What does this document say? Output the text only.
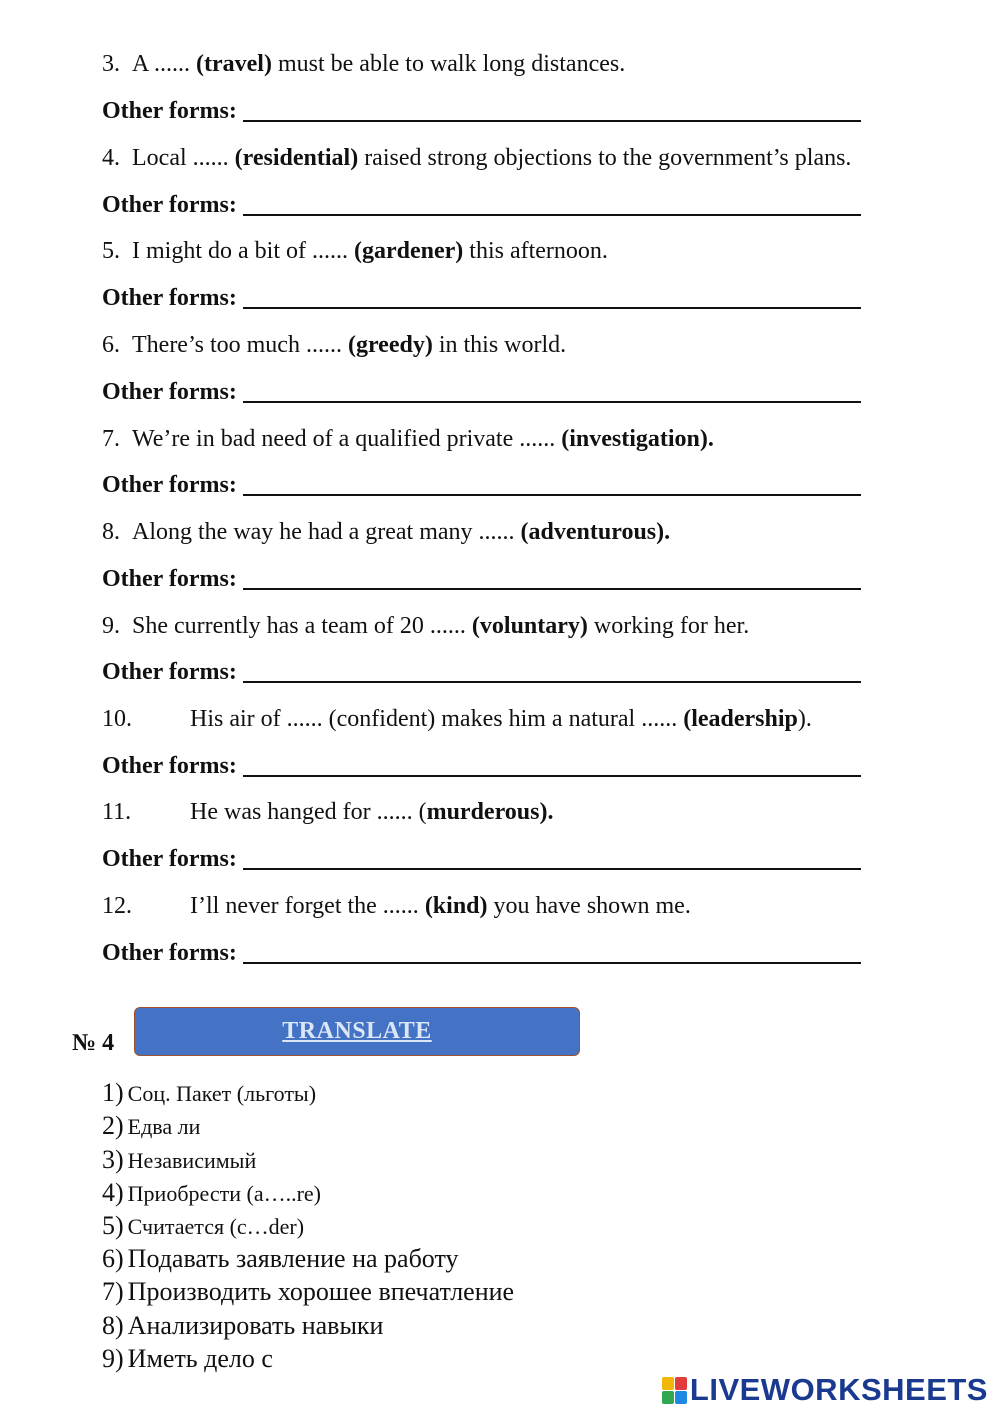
3. A ...... (travel) must be able to walk long distances.
Other forms:
4. Local ...... (residential) raised strong objections to the government’s plans.
Other forms:
5. I might do a bit of ...... (gardener) this afternoon.
Other forms:
6. There’s too much ...... (greedy) in this world.
Other forms:
7. We’re in bad need of a qualified private ...... (investigation).
Other forms:
8. Along the way he had a great many ...... (adventurous).
Other forms:
9. She currently has a team of 20 ...... (voluntary) working for her.
Other forms:
10. His air of ...... (confident) makes him a natural ...... (leadership).
Other forms:
11. He was hanged for ...... (murderous).
Other forms:
12. I’ll never forget the ...... (kind) you have shown me.
Other forms:
№ 4	TRANSLATE
1) Соц. Пакет (льготы)
2) Едва ли
3) Независимый
4) Приобрести (a…..re)
5) Считается (c…der)
6) Подавать заявление на работу
7) Производить хорошее впечатление
8) Анализировать навыки
9) Иметь дело с
LIVEWORKSHEETS
